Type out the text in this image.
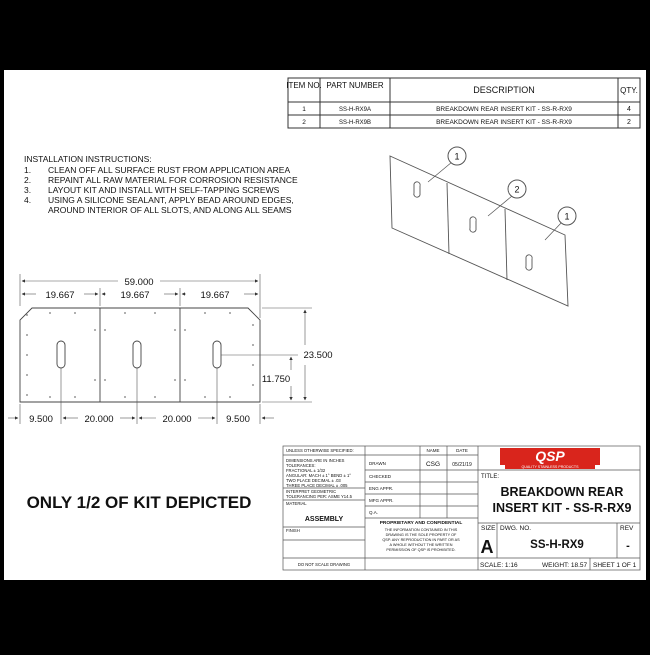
ITEM NO. PART NUMBER	DESCRIPTION	QTY.
1	SS-H-RX9A	BREAKDOWN REAR INSERT KIT - SS-R-RX9	4
2	SS-H-RX9B	BREAKDOWN REAR INSERT KIT - SS-R-RX9	2
INSTALLATION INSTRUCTIONS:
1. CLEAN OFF ALL SURFACE RUST FROM APPLICATION AREA
2. REPAINT ALL RAW MATERIAL FOR CORROSION RESISTANCE
3. LAYOUT KIT AND INSTALL WITH SELF-TAPPING SCREWS
4. USING A SILICONE SEALANT, APPLY BEAD AROUND EDGES,
AROUND INTERIOR OF ALL SLOTS, AND ALONG ALL SEAMS
1
2
1
59.000
19.667	19.667	19.667
23.500
11.750
9.500	20.000	20.000	9.500
ONLY 1/2 OF KIT DEPICTED
UNLESS OTHERWISE SPECIFIED:
DIMENSIONS ARE IN INCHES
TOLERANCES:
FRACTIONAL ± 1/32
ANGULAR: MACH ± 1° BEND ± 1°
TWO PLACE DECIMAL ± .03
THREE PLACE DECIMAL ± .005
INTERPRET GEOMETRIC
TOLERANCING PER: ASME Y14.5
MATERIAL
ASSEMBLY
FINISH
DO NOT SCALE DRAWING
NAME	DATE
DRAWN	CSG 05/21/19
CHECKED
ENG APPR.
MFG APPR.
Q.A.
PROPRIETARY AND CONFIDENTIAL
THE INFORMATION CONTAINED IN THIS
DRAWING IS THE SOLE PROPERTY OF
QSP. ANY REPRODUCTION IN PART OR AS
A WHOLE WITHOUT THE WRITTEN
PERMISSION OF QSP IS PROHIBITED.
QSP
QUALITY STAINLESS PRODUCTS
TITLE:
BREAKDOWN REAR
INSERT KIT - SS-R-RX9
SIZE
A
DWG. NO.
SS-H-RX9
REV
-
SCALE: 1:16	WEIGHT: 18.57 SHEET 1 OF 1
